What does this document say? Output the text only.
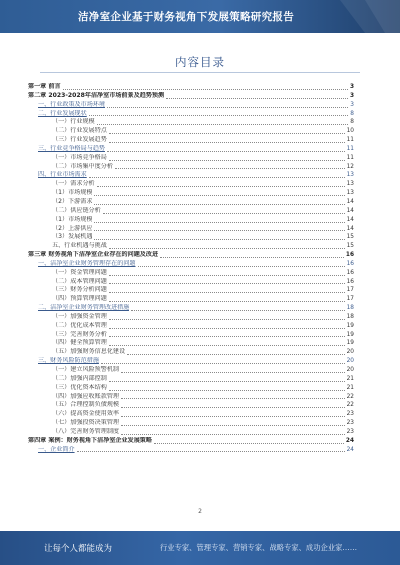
洁净室企业基于财务视角下发展策略研究报告
内容目录
第一章 前言	3
第二章 2023-2028年洁净室市场前景及趋势预测	3
一、行业政策及市场环境	3
二、行业发展现状	8
（一）行业规模	8
（二）行业发展特点	10
（三）行业发展趋势	11
三、行业竞争格局与趋势	11
（一）市场竞争格局	11
（二）市场集中度分析	12
四、行业市场需求	13
（一）需求分析	13
（1）市场规模	13
（2）下游需求	14
（二）供应链分析	14
（1）市场规模	14
（2）上游供应	14
（3）发展机遇	15
五、行业机遇与挑战	15
第三章 财务视角下洁净室企业存在的问题及改进	16
一、洁净室企业财务管理存在的问题	16
（一）资金管理问题	16
（二）成本管理问题	16
（三）财务分析问题	17
（四）预算管理问题	17
二、洁净室企业财务管理改进措施	18
（一）加强资金管理	18
（二）优化成本管理	19
（三）完善财务分析	19
（四）健全预算管理	19
（五）加强财务信息化建设	20
三、财务风险防范措施	20
（一）建立风险预警机制	20
（二）加强内部控制	21
（三）优化资本结构	21
（四）加强应收账款管理	22
（五）合理控制负债规模	22
（六）提高资金使用效率	23
（七）加强投资决策管理	23
（八）完善财务管理制度	23
第四章 案例：财务视角下洁净室企业发展策略	24
一、企业简介	24
2
让每个人都能成为	行业专家、管理专家、营销专家、战略专家、成功企业家……
